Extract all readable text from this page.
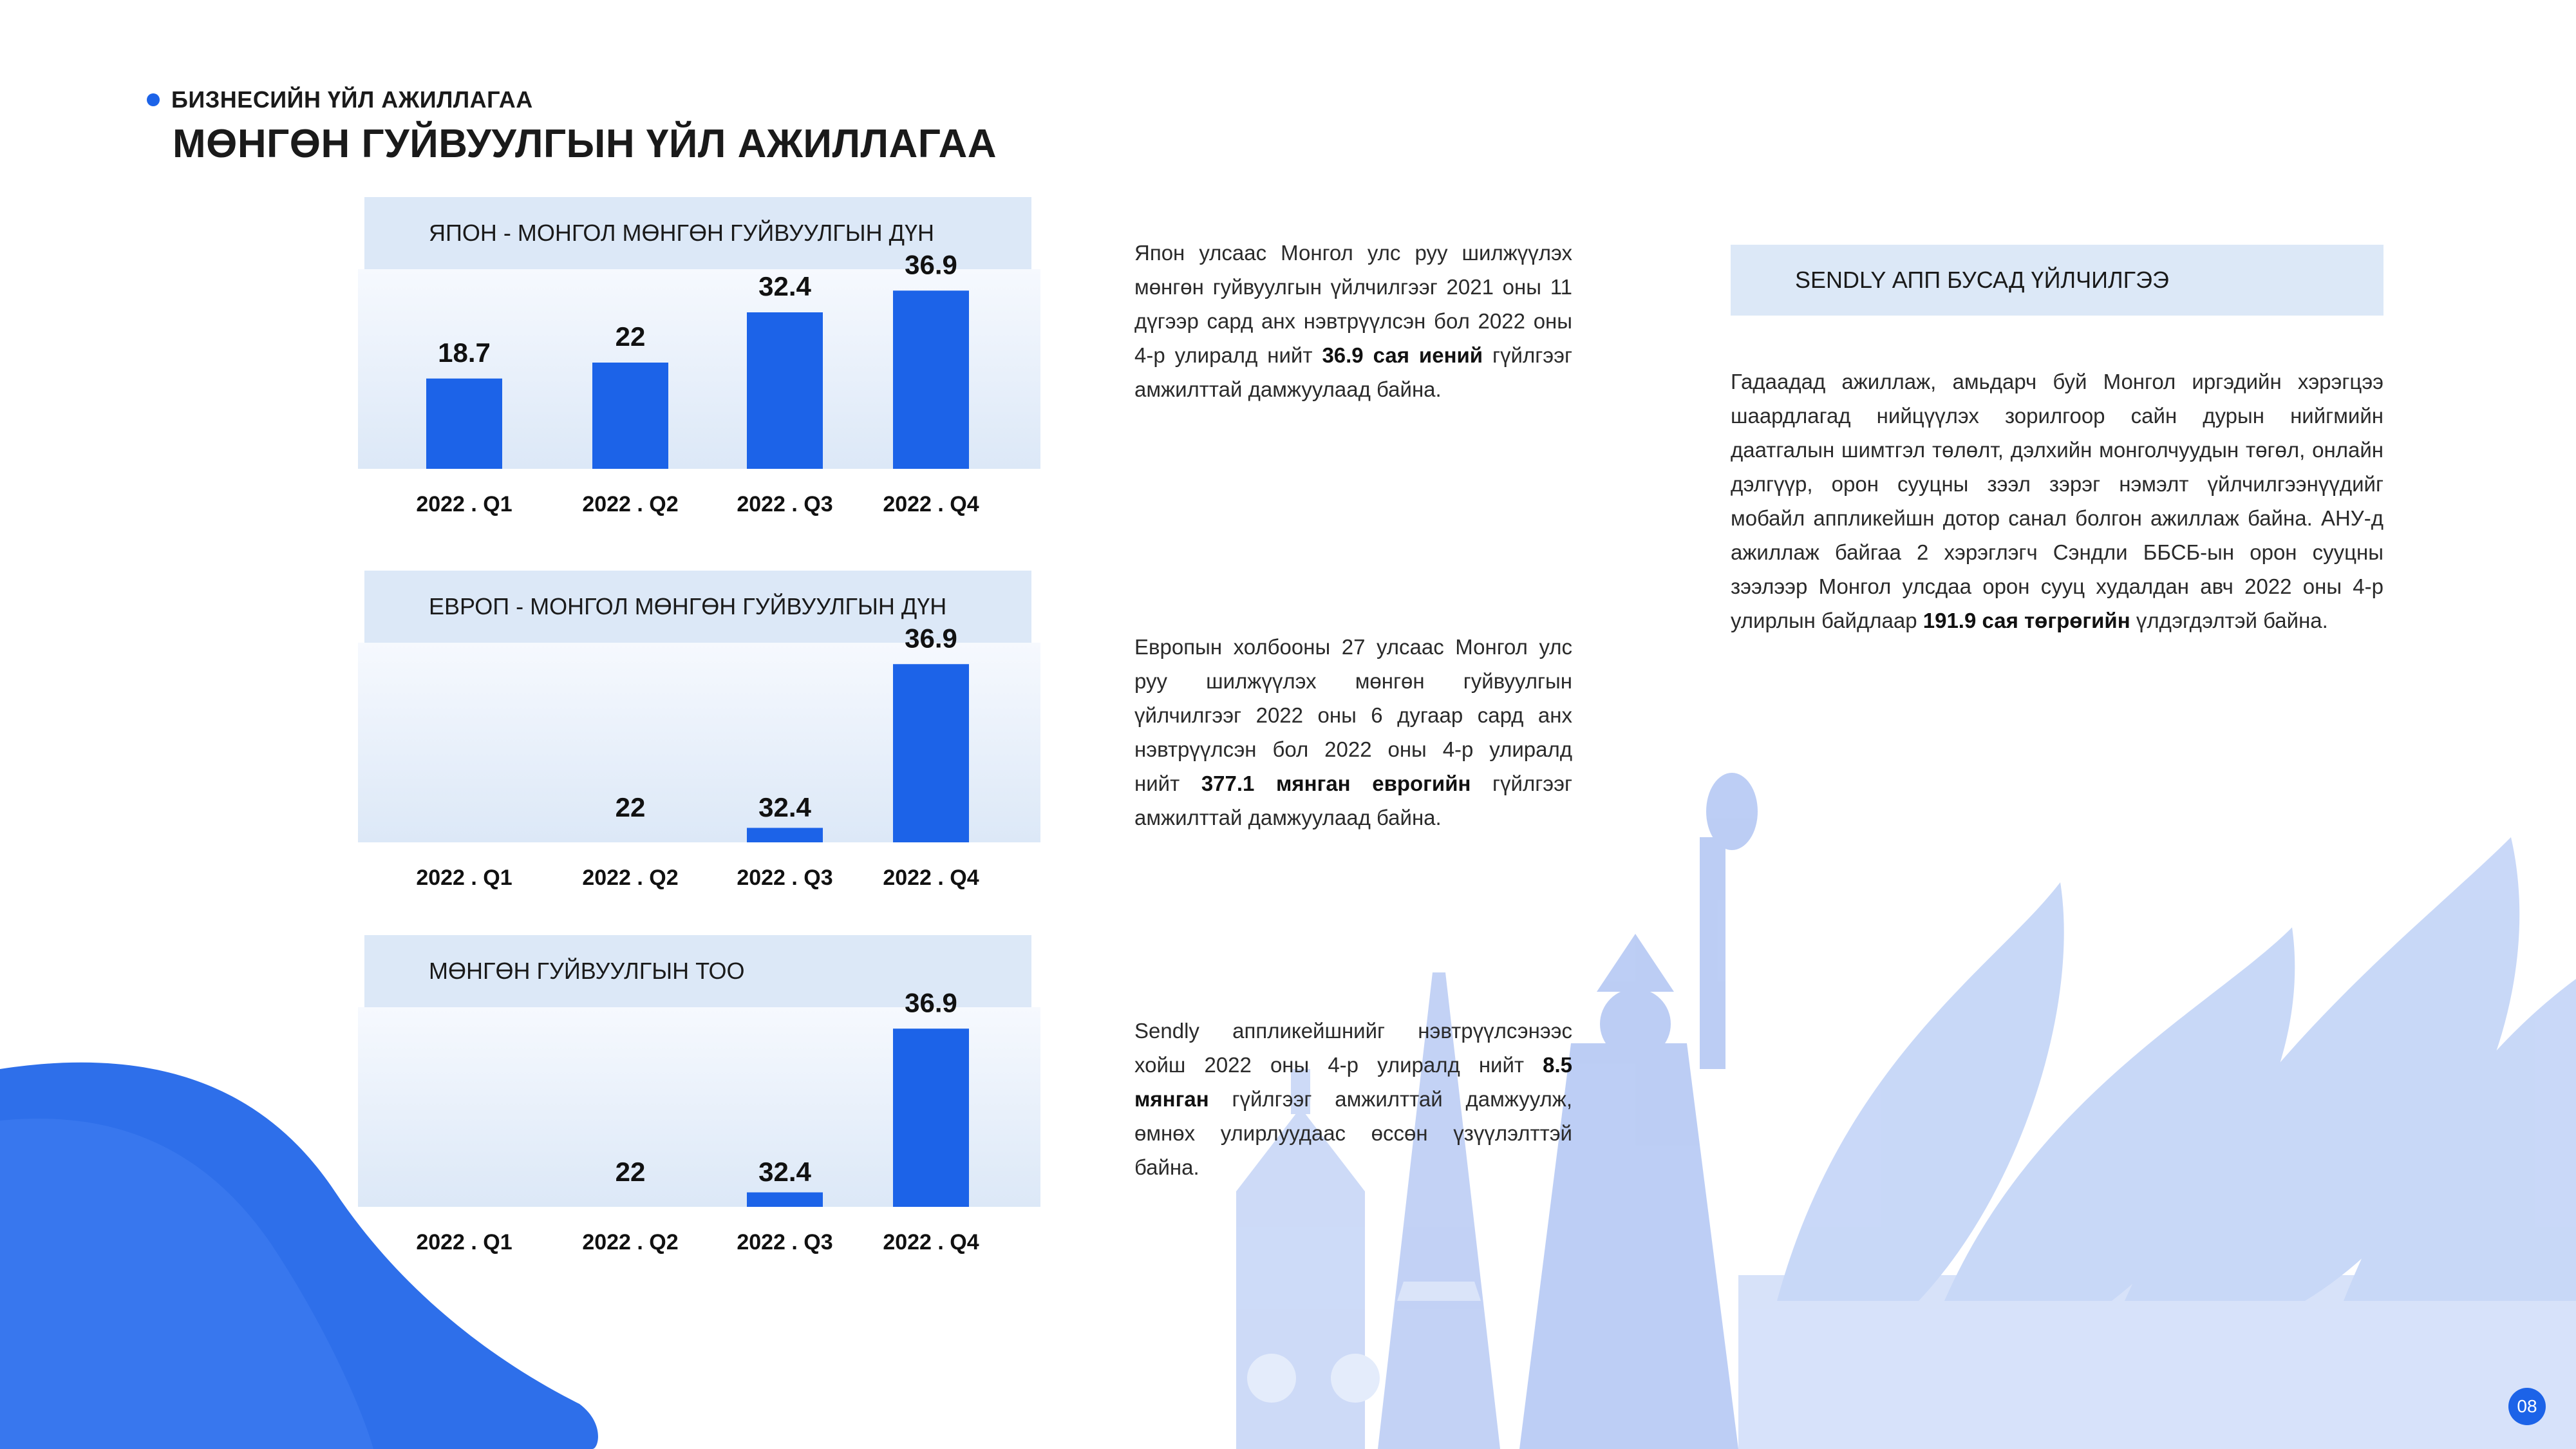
БИЗНЕСИЙН ҮЙЛ АЖИЛЛАГАА
МӨНГӨН ГУЙВУУЛГЫН ҮЙЛ АЖИЛЛАГАА
ЯПОН - МОНГОЛ МӨНГӨН ГУЙВУУЛГЫН ДҮН
18.7
2022 . Q1
22
2022 . Q2
32.4
2022 . Q3
36.9
2022 . Q4
ЕВРОП - МОНГОЛ МӨНГӨН ГУЙВУУЛГЫН ДҮН
2022 . Q1
22
2022 . Q2
32.4
2022 . Q3
36.9
2022 . Q4
МӨНГӨН ГУЙВУУЛГЫН ТОО
2022 . Q1
22
2022 . Q2
32.4
2022 . Q3
36.9
2022 . Q4
Япон улсаас Монгол улс руу шилжүүлэх мөнгөн гуйвуулгын үйлчилгээг 2021 оны 11 дүгээр сард анх нэвтрүүлсэн бол 2022 оны 4-р улиралд нийт 36.9 сая иений гүйлгээг амжилттай дамжуулаад байна.
Европын холбооны 27 улсаас Монгол улс руу шилжүүлэх мөнгөн гуйвуулгын үйлчилгээг 2022 оны 6 дугаар сард анх нэвтрүүлсэн бол 2022 оны 4-р улиралд нийт 377.1 мянган еврогийн гүйлгээг амжилттай дамжуулаад байна.
Sendly аппликейшнийг нэвтрүүлсэнээс хойш 2022 оны 4-р улиралд нийт 8.5 мянган гүйлгээг амжилттай дамжуулж, өмнөх улирлуудаас өссөн үзүүлэлттэй байна.
SENDLY АПП БУСАД ҮЙЛЧИЛГЭЭ
Гадаадад ажиллаж, амьдарч буй Монгол иргэдийн хэрэгцээ шаардлагад нийцүүлэх зорилгоор сайн дурын нийгмийн даатгалын шимтгэл төлөлт, дэлхийн монголчуудын төгөл, онлайн дэлгүүр, орон сууцны зээл зэрэг нэмэлт үйлчилгээнүүдийг мобайл аппликейшн дотор санал болгон ажиллаж байна. АНУ-д ажиллаж байгаа 2 хэрэглэгч Сэндли ББСБ-ын орон сууцны зээлээр Монгол улсдаа орон сууц худалдан авч 2022 оны 4-р улирлын байдлаар 191.9 сая төгрөгийн үлдэгдэлтэй байна.
08
